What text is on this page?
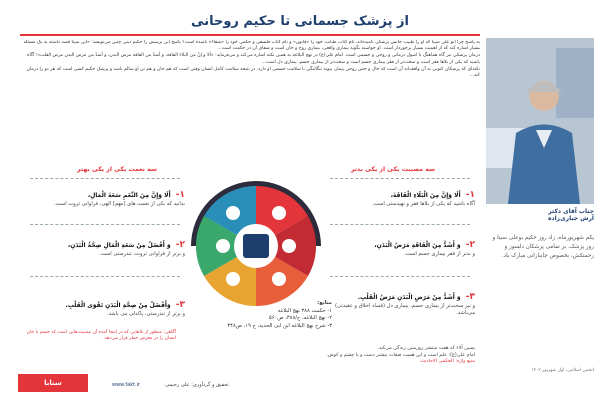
از پزشک جسمانی تا حکیم روحانی

به پاسخ چرا ابو علی سینا که او را طبیب جانش پزشکی نامیده‌اند، نام کتاب طبابت خود را «قانون» و نام کتاب فلسفی و حکمی خود را «شفاء» نامیده است؟ پاسخ ابن پرسش را حکیم دینی چنین می‌نویسد: «ابن سینا قصد داشته به یک مسئله بسیار اشاره کند که از اهمیت بسیار برخوردار است. او خواسته بگوید بیماری واقعی، بیماری روح و جان است و شفای آن در حکمت است...

درمان پزشکی نیز گاه هماهنگ با اصول درمانی و روحی و جسمی است. امام علی(ع) در نهج البلاغه به همین نکته اشاره می‌کند و می‌فرماید: «ألا و إنّ من البلاء الفاقة، و أشدّ من الفاقة مرض البدن، و أشدّ من مرض البدن مرض القلب»؛ آگاه باشید که یکی از بلاها فقر است و سخت‌تر از فقر بیماری جسم است و سخت‌تر از بیماری جسم، بیماری دل است...

نکته‌ای که پزشکان کنونی به آن واقف‌اند آن است که حال و حس روحی بیمار، پیوند تنگاتنگی با سلامت جسمی او دارد. در نتیجه سلامت کامل انسان وقتی است که هم جان و هم تن او سالم باشد و پزشک حکیم کسی است که هر دو را درمان کند...

جناب آقای دکتر
آرش جباری‌زاده
یکم شهریورماه، زاد روز حکیم بوعلی سینا و روز پزشک، بر تمامی پزشکان دلسوز و زحمتکش، بخصوص جانبازانی مبارک باد.
انجمن اسلامی، اول شهریور ۱۴۰۲
سه مصیبت یکی از یکی بدتر
۱- أَلَا وَإِنَّ مِنَ الْبَلَاءِ الْفَاقَةَ،
آگاه باشید که یکی از بلاها فقر و تهیدستی است.
۲- وَ أَشَدُّ مِنَ الْفَاقَةِ مَرَضُ الْبَدَنِ،
و بدتر از فقر بیماری جسم است.
۳- وَ أَشَدُّ مِنْ مَرَضِ الْبَدَنِ مَرَضُ الْقَلْبِ.
و نیز سخت‌تر از بیماری جسم، بیماری دل (فساد اخلاق و عقیدتی) می‌باشد.
سه نعمت یکی از یکی بهتر
۱- أَلَا وَإِنَّ مِنَ النِّعَمِ سَعَةَ الْمَالِ،
بدانید که یکی از نعمت های [مهم] الهی، فراوانی ثروت است.
۲- وَ أَفْضَلُ مِنْ سَعَةِ الْمَالِ صِحَّةُ الْبَدَنِ،
و برتر از فراوانی ثروت، تندرستی است.
۳- وَأَفْضَلُ مِنْ صِحَّةِ الْبَدَنِ تَقْوَى الْقَلْبِ.
و برتر از تندرستی، پاکدلی می باشد.
بدترین بلاها و برترین نعمت‌ها
منابع:
۱- حکمت ۳۸۸ نهج البلاغه
۲- نهج البلاغه، ح/۳۸۸، ص۵۶۰
۳- شرح نهج البلاغه ابن ابی الحدید، ج ۱۹، ص۳۴۸
آگاهی: منظور از بلاهایی که در اینجا آمده آن مصیبت‌هایی است که جسم یا جان انسان را در معرض خطر قرار می‌دهد.
پسین آلاء که هفت منتشر روزیمین زندگی می‌کند.
امام علی(ع): علم است و این هست صفات بیشتر دست و یا چشم و کوش.
منبع واژه: الحکمی الاحاديث
تحقیق و گردآوری: علی رحیمی
www.fakt.ir
سنابا
